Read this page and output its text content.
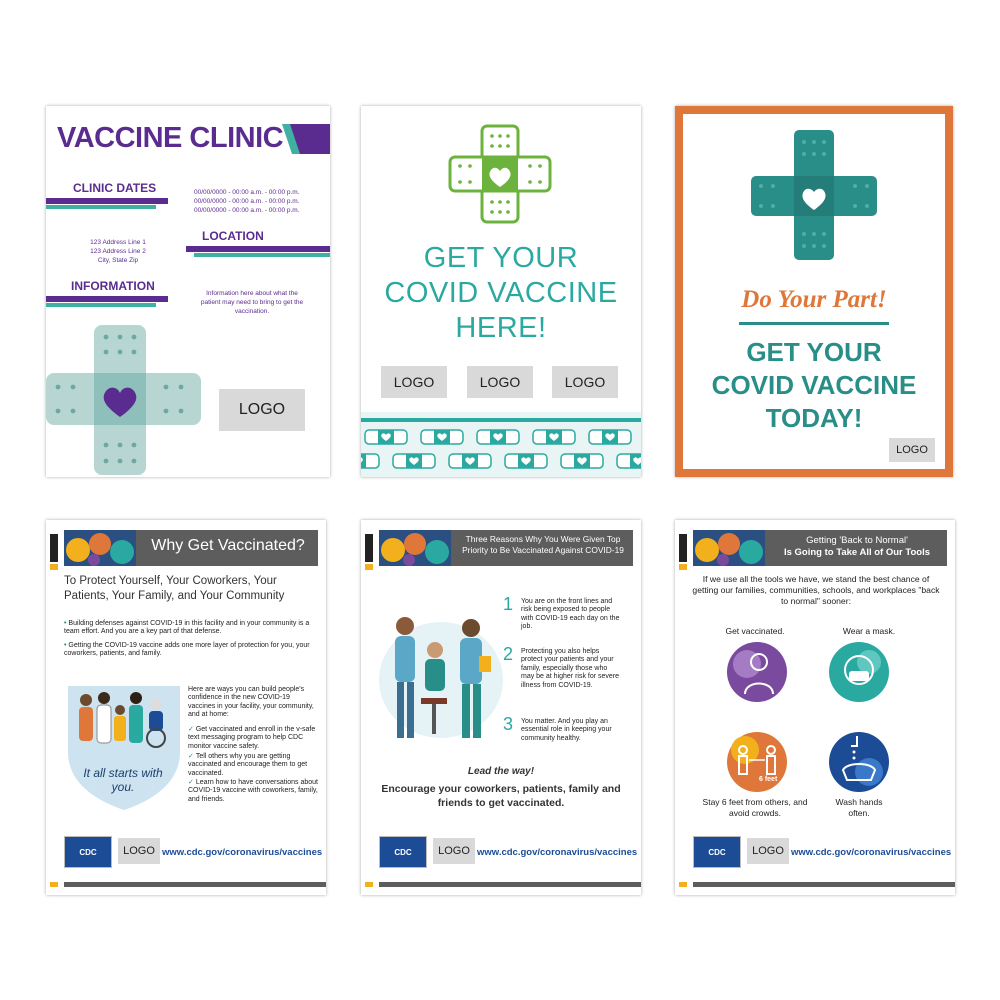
VACCINE CLINIC
CLINIC DATES	00/00/0000 - 00:00 a.m. - 00:00 p.m.
00/00/0000 - 00:00 a.m. - 00:00 p.m.
00/00/0000 - 00:00 a.m. - 00:00 p.m.
LOCATION
123 Address Line 1
123 Address Line 2
City, State Zip
INFORMATION
Information here about what the patient may need to bring to get the vaccination.
LOGO
GET YOUR
COVID VACCINE
HERE!
LOGO	LOGO	LOGO
Do Your Part!
GET YOUR
COVID VACCINE
TODAY!
LOGO
Why Get Vaccinated?
To Protect Yourself, Your Coworkers, Your Patients, Your Family, and Your Community
• Building defenses against COVID-19 in this facility and in your community is a team effort. And you are a key part of that defense.
• Getting the COVID-19 vaccine adds one more layer of protection for you, your coworkers, patients, and family.
It all starts with you.
Here are ways you can build people's confidence in the new COVID-19 vaccines in your facility, your community, and at home:
✓ Get vaccinated and enroll in the v-safe text messaging program to help CDC monitor vaccine safety.
✓ Tell others why you are getting vaccinated and encourage them to get vaccinated.
✓ Learn how to have conversations about COVID-19 vaccine with coworkers, family, and friends.
CDC	LOGO www.cdc.gov/coronavirus/vaccines
Three Reasons Why You Were Given Top Priority to Be Vaccinated Against COVID-19
1 You are on the front lines and risk being exposed to people with COVID-19 each day on the job.
2 Protecting you also helps protect your patients and your family, especially those who may be at higher risk for severe illness from COVID-19.
3 You matter. And you play an essential role in keeping your community healthy.
Lead the way!
Encourage your coworkers, patients, family and friends to get vaccinated.
CDC	LOGO www.cdc.gov/coronavirus/vaccines
Getting 'Back to Normal'
Is Going to Take All of Our Tools
If we use all the tools we have, we stand the best chance of getting our families, communities, schools, and workplaces "back to normal" sooner:
Get vaccinated.	Wear a mask.
6 feet
Stay 6 feet from others, and avoid crowds.
Wash hands often.
CDC	LOGO www.cdc.gov/coronavirus/vaccines
